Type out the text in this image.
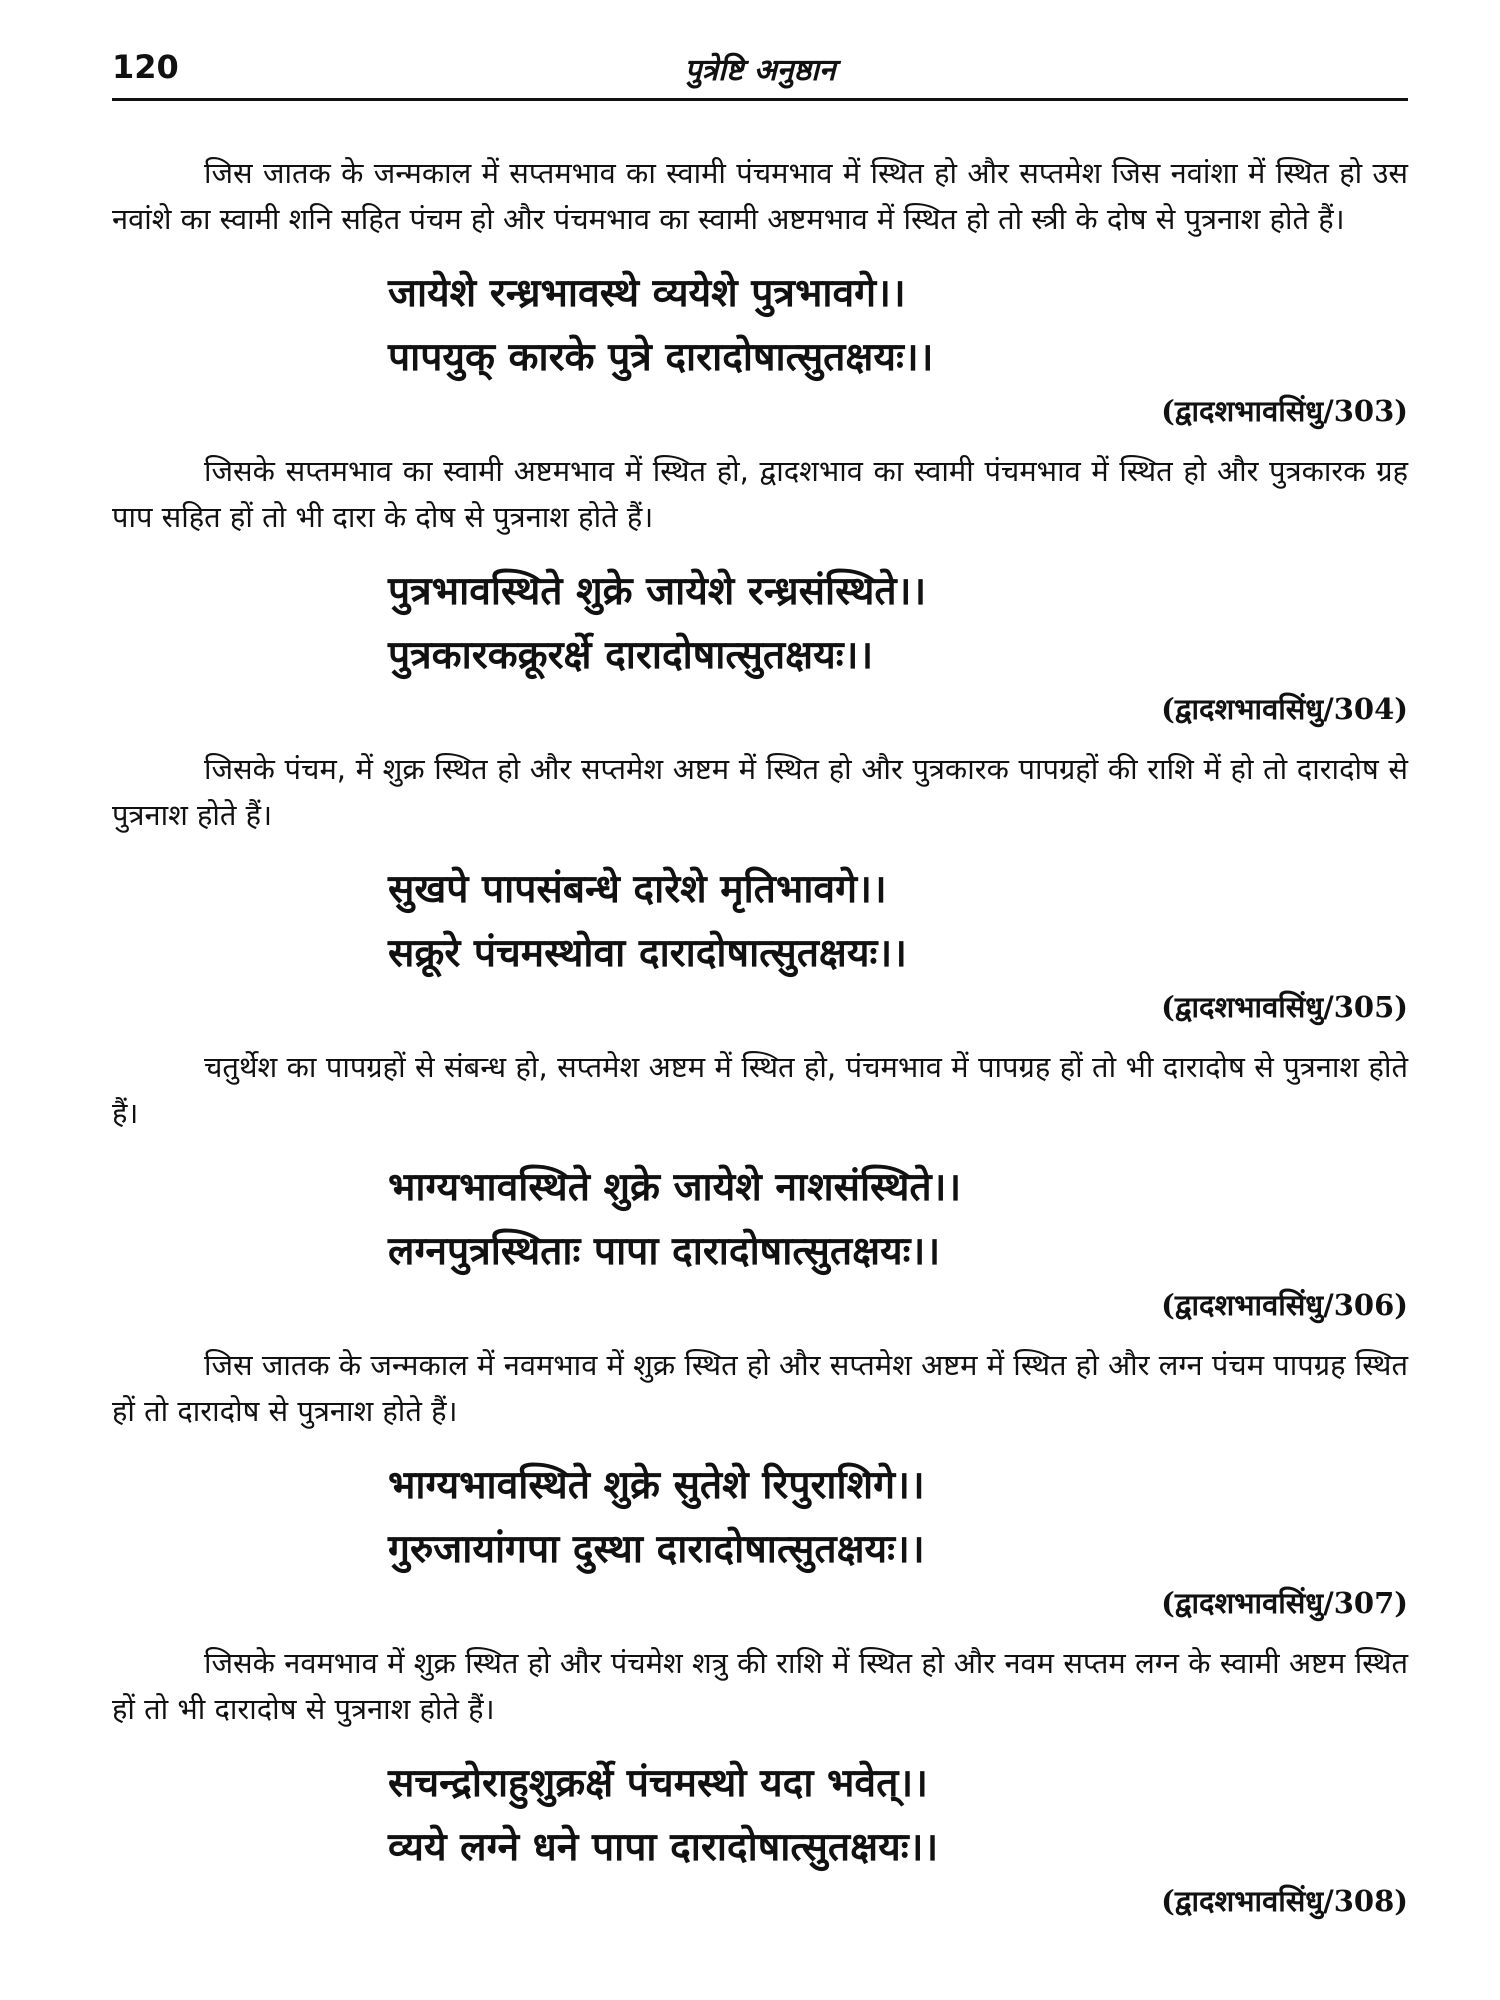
120	पुत्रेष्टि अनुष्ठान

जिस जातक के जन्मकाल में सप्तमभाव का स्वामी पंचमभाव में स्थित हो और सप्तमेश जिस नवांशा में स्थित हो उस नवांशे का स्वामी शनि सहित पंचम हो और पंचमभाव का स्वामी अष्टमभाव में स्थित हो तो स्त्री के दोष से पुत्रनाश होते हैं।

जायेशे रन्ध्रभावस्थे व्ययेशे पुत्रभावगे।।

पापयुक् कारके पुत्रे दारादोषात्सुतक्षयः।।

(द्वादशभावसिंधु/303)

जिसके सप्तमभाव का स्वामी अष्टमभाव में स्थित हो, द्वादशभाव का स्वामी पंचमभाव में स्थित हो और पुत्रकारक ग्रह पाप सहित हों तो भी दारा के दोष से पुत्रनाश होते हैं।

पुत्रभावस्थिते शुक्रे जायेशे रन्ध्रसंस्थिते।।

पुत्रकारकक्रूरर्क्षे दारादोषात्सुतक्षयः।।

(द्वादशभावसिंधु/304)

जिसके पंचम, में शुक्र स्थित हो और सप्तमेश अष्टम में स्थित हो और पुत्रकारक पापग्रहों की राशि में हो तो दारादोष से पुत्रनाश होते हैं।

सुखपे पापसंबन्धे दारेशे मृतिभावगे।।

सक्रूरे पंचमस्थोवा दारादोषात्सुतक्षयः।।

(द्वादशभावसिंधु/305)

चतुर्थेश का पापग्रहों से संबन्ध हो, सप्तमेश अष्टम में स्थित हो, पंचमभाव में पापग्रह हों तो भी दारादोष से पुत्रनाश होते हैं।

भाग्यभावस्थिते शुक्रे जायेशे नाशसंस्थिते।।

लग्नपुत्रस्थिताः पापा दारादोषात्सुतक्षयः।।

(द्वादशभावसिंधु/306)

जिस जातक के जन्मकाल में नवमभाव में शुक्र स्थित हो और सप्तमेश अष्टम में स्थित हो और लग्न पंचम पापग्रह स्थित हों तो दारादोष से पुत्रनाश होते हैं।

भाग्यभावस्थिते शुक्रे सुतेशे रिपुराशिगे।।

गुरुजायांगपा दुस्था दारादोषात्सुतक्षयः।।

(द्वादशभावसिंधु/307)

जिसके नवमभाव में शुक्र स्थित हो और पंचमेश शत्रु की राशि में स्थित हो और नवम सप्तम लग्न के स्वामी अष्टम स्थित हों तो भी दारादोष से पुत्रनाश होते हैं।

सचन्द्रोराहुशुक्रर्क्षे पंचमस्थो यदा भवेत्।।

व्यये लग्ने धने पापा दारादोषात्सुतक्षयः।।

(द्वादशभावसिंधु/308)
